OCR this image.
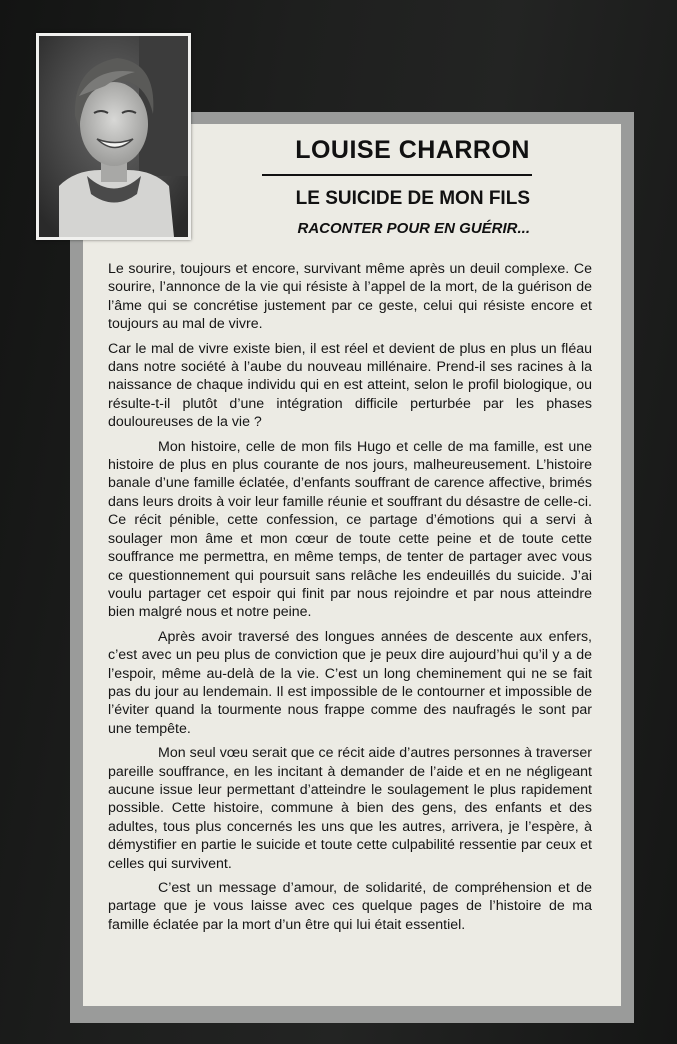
LOUISE CHARRON
LE SUICIDE DE MON FILS
RACONTER POUR EN GUÉRIR...

Le sourire, toujours et encore, survivant même après un deuil complexe. Ce sourire, l’annonce de la vie qui résiste à l’appel de la mort, de la guérison de l’âme qui se concrétise justement par ce geste, celui qui résiste encore et toujours au mal de vivre.

Car le mal de vivre existe bien, il est réel et devient de plus en plus un fléau dans notre société à l’aube du nouveau millénaire. Prend-il ses racines à la naissance de chaque individu qui en est atteint, selon le profil biologique, ou résulte-t-il plutôt d’une intégration difficile perturbée par les phases douloureuses de la vie ?

Mon histoire, celle de mon fils Hugo et celle de ma famille, est une histoire de plus en plus courante de nos jours, malheureusement. L’histoire banale d’une famille éclatée, d’enfants souffrant de carence affective, brimés dans leurs droits à voir leur famille réunie et souffrant du désastre de celle-ci. Ce récit pénible, cette confession, ce partage d’émotions qui a servi à soulager mon âme et mon cœur de toute cette peine et de toute cette souffrance me permettra, en même temps, de tenter de partager avec vous ce questionnement qui poursuit sans relâche les endeuillés du suicide. J’ai voulu partager cet espoir qui finit par nous rejoindre et par nous atteindre bien malgré nous et notre peine.

Après avoir traversé des longues années de descente aux enfers, c’est avec un peu plus de conviction que je peux dire aujourd’hui qu’il y a de l’espoir, même au-delà de la vie. C’est un long cheminement qui ne se fait pas du jour au lendemain. Il est impossible de le contourner et impossible de l’éviter quand la tourmente nous frappe comme des naufragés le sont par une tempête.

Mon seul vœu serait que ce récit aide d’autres personnes à traverser pareille souffrance, en les incitant à demander de l’aide et en ne négligeant aucune issue leur permettant d’atteindre le soulagement le plus rapidement possible. Cette histoire, commune à bien des gens, des enfants et des adultes, tous plus concernés les uns que les autres, arrivera, je l’espère, à démystifier en partie le suicide et toute cette culpabilité ressentie par ceux et celles qui survivent.

C’est un message d’amour, de solidarité, de compréhension et de partage que je vous laisse avec ces quelque pages de l’histoire de ma famille éclatée par la mort d’un être qui lui était essentiel.
